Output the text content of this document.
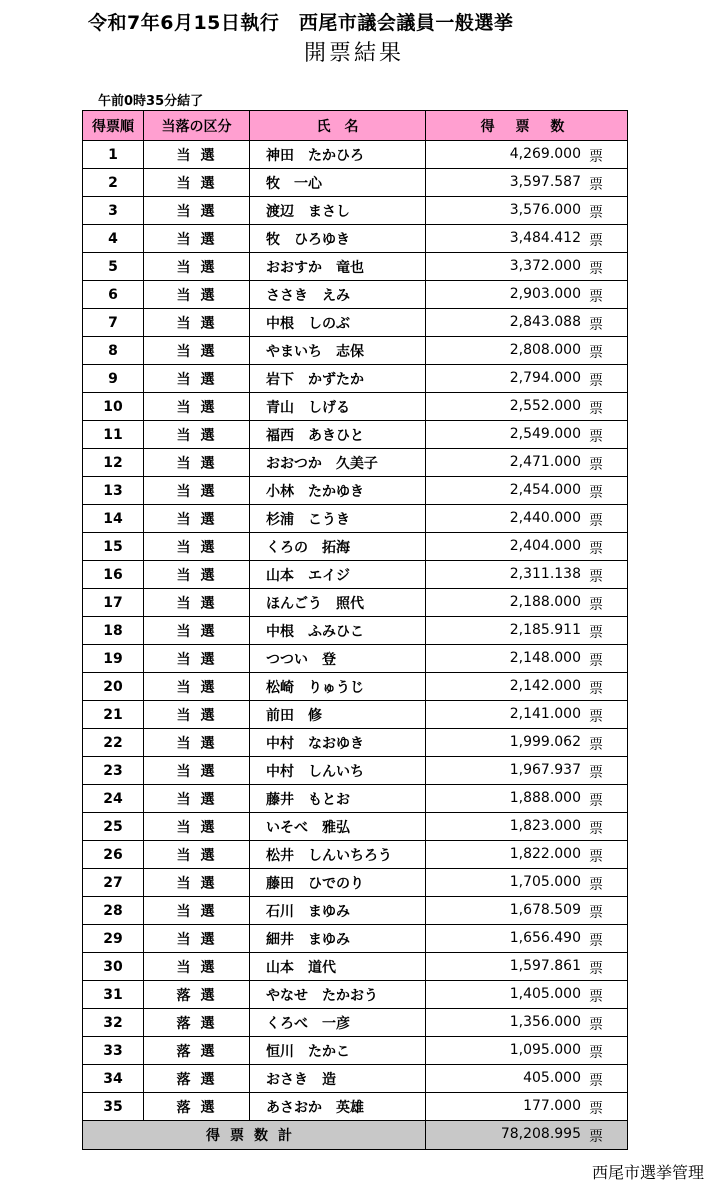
令和7年6月15日執行　西尾市議会議員一般選挙
開票結果
午前0時35分結了
得票順	当落の区分	氏　名	得 票 数
1	当選	神田　たかひろ	4,269.000 票

2	当選	牧　一心	3,597.587 票

3	当選	渡辺　まさし	3,576.000 票

4	当選	牧　ひろゆき	3,484.412 票

5	当選	おおすか　竜也	3,372.000 票

6	当選	ささき　えみ	2,903.000 票

7	当選	中根　しのぶ	2,843.088 票

8	当選	やまいち　志保	2,808.000 票

9	当選	岩下　かずたか	2,794.000 票

10	当選	青山　しげる	2,552.000 票

11	当選	福西　あきひと	2,549.000 票

12	当選	おおつか　久美子	2,471.000 票

13	当選	小林　たかゆき	2,454.000 票

14	当選	杉浦　こうき	2,440.000 票

15	当選	くろの　拓海	2,404.000 票

16	当選	山本　エイジ	2,311.138 票

17	当選	ほんごう　照代	2,188.000 票

18	当選	中根　ふみひこ	2,185.911 票

19	当選	つつい　登	2,148.000 票

20	当選	松崎　りゅうじ	2,142.000 票

21	当選	前田　修	2,141.000 票

22	当選	中村　なおゆき	1,999.062 票

23	当選	中村　しんいち	1,967.937 票

24	当選	藤井　もとお	1,888.000 票

25	当選	いそべ　雅弘	1,823.000 票

26	当選	松井　しんいちろう	1,822.000 票

27	当選	藤田　ひでのり	1,705.000 票

28	当選	石川　まゆみ	1,678.509 票

29	当選	細井　まゆみ	1,656.490 票

30	当選	山本　道代	1,597.861 票

31	落選	やなせ　たかおう	1,405.000 票

32	落選	くろべ　一彦	1,356.000 票

33	落選	恒川　たかこ	1,095.000 票

34	落選	おさき　造	405.000 票

35	落選	あさおか　英雄	177.000 票

得票数計			78,208.995 票
西尾市選挙管理
